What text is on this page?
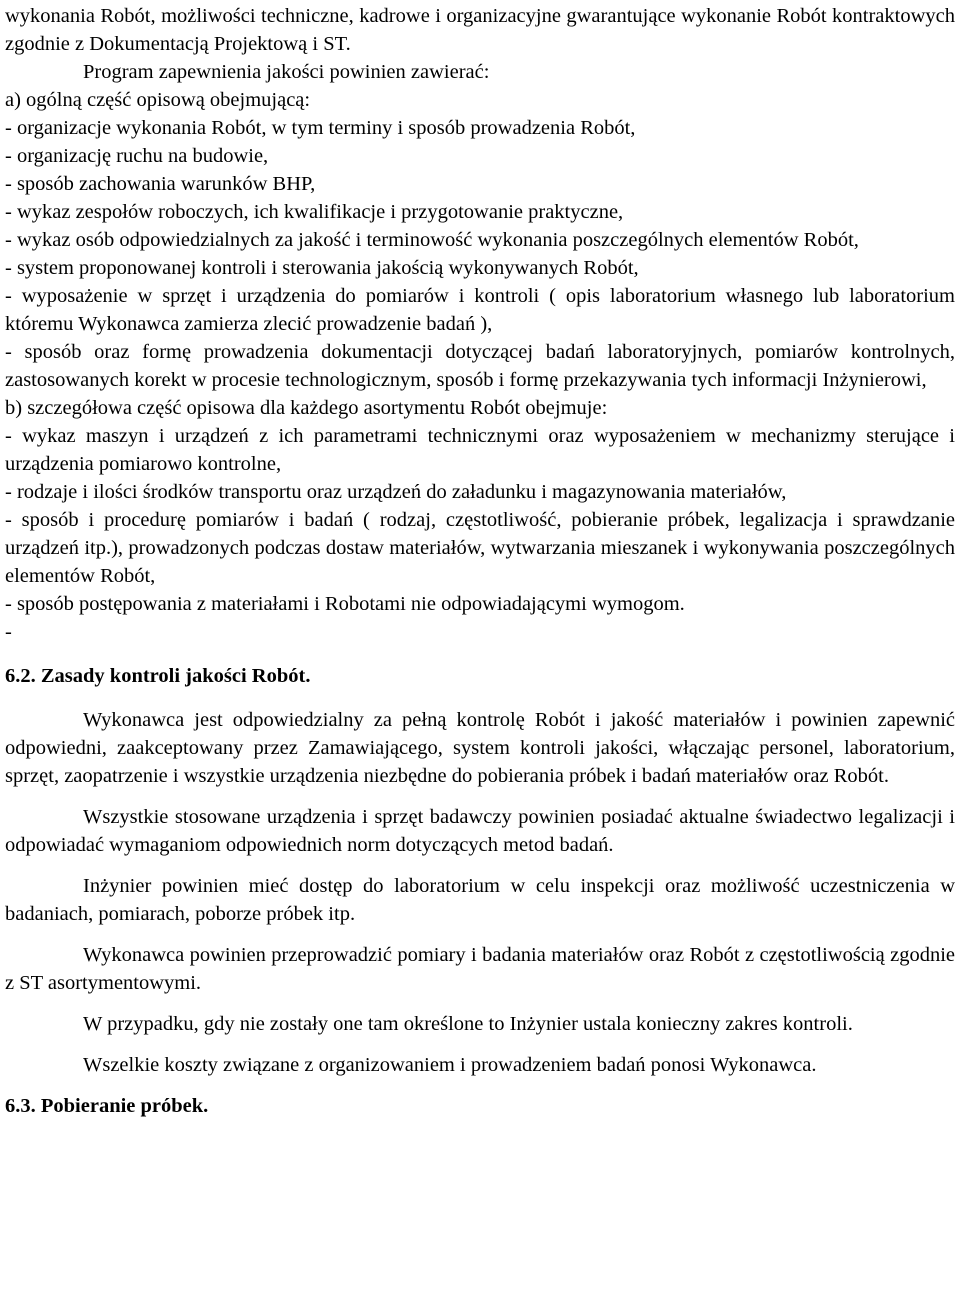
wykonania Robót, możliwości techniczne, kadrowe i organizacyjne gwarantujące wykonanie Robót kontraktowych zgodnie z Dokumentacją Projektową i ST.

Program zapewnienia jakości powinien zawierać:

a) ogólną część opisową obejmującą:

- organizacje wykonania Robót, w tym terminy i sposób prowadzenia Robót,

- organizację ruchu na budowie,

- sposób zachowania warunków BHP,

- wykaz zespołów roboczych, ich kwalifikacje i przygotowanie praktyczne,

- wykaz osób odpowiedzialnych za jakość i terminowość wykonania poszczególnych elementów Robót,

- system proponowanej kontroli i sterowania jakością wykonywanych Robót,

- wyposażenie w sprzęt i urządzenia do pomiarów i kontroli ( opis laboratorium własnego lub laboratorium któremu Wykonawca zamierza zlecić prowadzenie badań ),

- sposób oraz formę prowadzenia dokumentacji dotyczącej badań laboratoryjnych, pomiarów kontrolnych, zastosowanych korekt w procesie technologicznym, sposób i formę przekazywania tych informacji Inżynierowi,

b) szczegółowa część opisowa dla każdego asortymentu Robót obejmuje:

- wykaz maszyn i urządzeń z ich parametrami technicznymi oraz wyposażeniem w mechanizmy sterujące i urządzenia pomiarowo kontrolne,

- rodzaje i ilości środków transportu oraz urządzeń do załadunku i magazynowania materiałów,

- sposób i procedurę pomiarów i badań ( rodzaj, częstotliwość, pobieranie próbek, legalizacja i sprawdzanie urządzeń itp.), prowadzonych podczas dostaw materiałów, wytwarzania mieszanek i wykonywania poszczególnych elementów Robót,

- sposób postępowania z materiałami i Robotami nie odpowiadającymi wymogom.

-

6.2. Zasady kontroli jakości Robót.

Wykonawca jest odpowiedzialny za pełną kontrolę Robót i jakość materiałów i powinien zapewnić odpowiedni, zaakceptowany przez Zamawiającego, system kontroli jakości, włączając personel, laboratorium, sprzęt, zaopatrzenie i wszystkie urządzenia niezbędne do pobierania próbek i badań materiałów oraz Robót.

Wszystkie stosowane urządzenia i sprzęt badawczy powinien posiadać aktualne świadectwo legalizacji i odpowiadać wymaganiom odpowiednich norm dotyczących metod badań.

Inżynier powinien mieć dostęp do laboratorium w celu inspekcji oraz możliwość uczestniczenia w badaniach, pomiarach, poborze próbek itp.

Wykonawca powinien przeprowadzić pomiary i badania materiałów oraz Robót z częstotliwością zgodnie z ST asortymentowymi.

W przypadku, gdy nie zostały one tam określone to Inżynier ustala konieczny zakres kontroli.

Wszelkie koszty związane z organizowaniem i prowadzeniem badań ponosi Wykonawca.

6.3. Pobieranie próbek.
